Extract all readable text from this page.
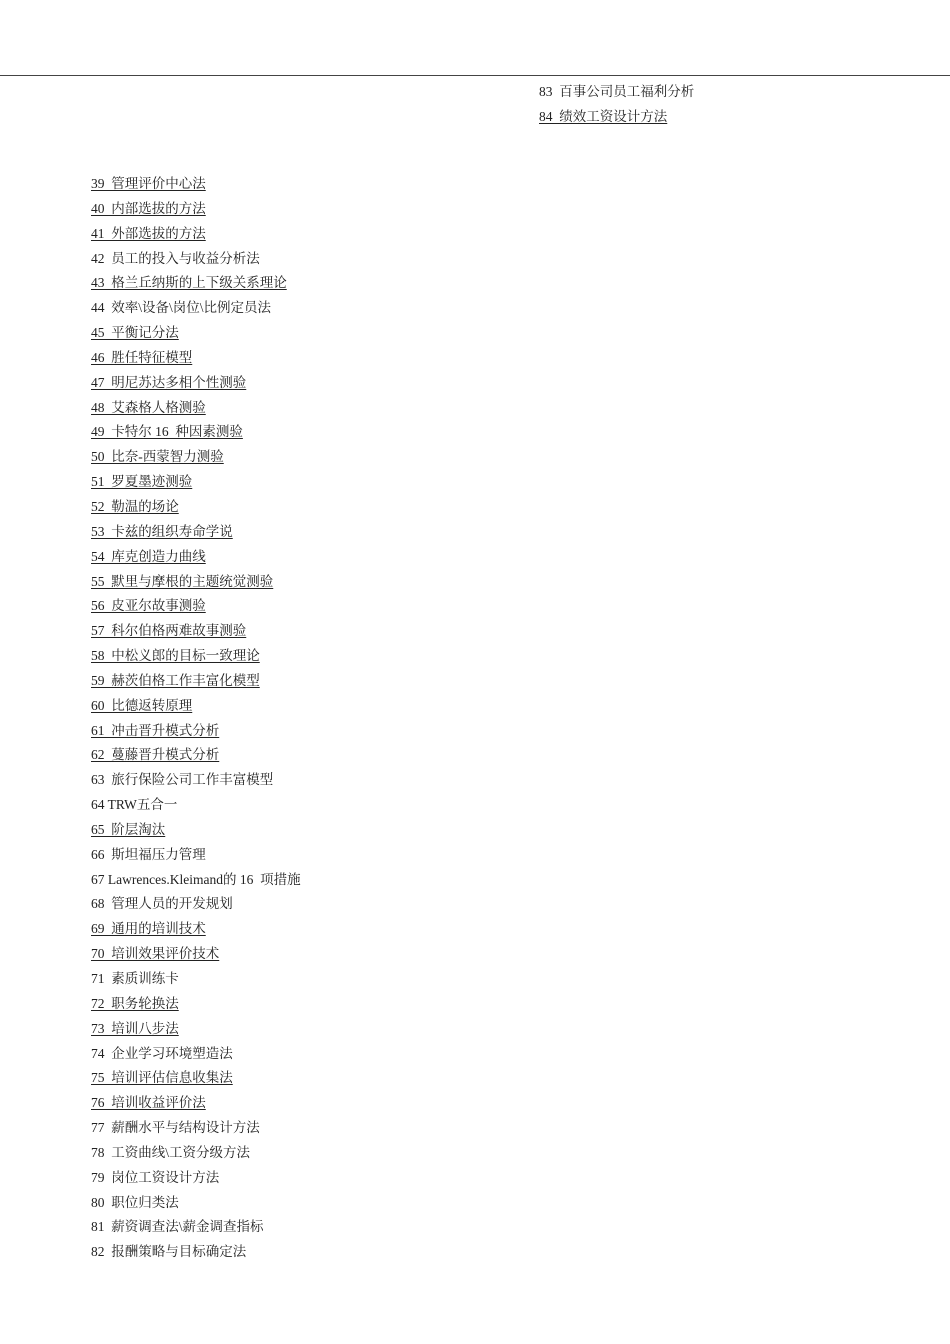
83  百事公司员工福利分析
84  绩效工资设计方法
39  管理评价中心法
40  内部选拔的方法
41  外部选拔的方法
42  员工的投入与收益分析法
43  格兰丘纳斯的上下级关系理论
44  效率\设备\岗位\比例定员法
45  平衡记分法
46  胜任特征模型
47  明尼苏达多相个性测验
48  艾森格人格测验
49  卡特尔 16  种因素测验
50  比奈-西蒙智力测验
51  罗夏墨迹测验
52  勒温的场论
53  卡兹的组织寿命学说
54  库克创造力曲线
55  默里与摩根的主题统觉测验
56  皮亚尔故事测验
57  科尔伯格两难故事测验
58  中松义郎的目标一致理论
59  赫茨伯格工作丰富化模型
60  比德返转原理
61  冲击晋升模式分析
62  蔓藤晋升模式分析
63  旅行保险公司工作丰富模型
64 TRW五合一
65  阶层淘汰
66  斯坦福压力管理
67 Lawrences.Kleimand的 16  项措施
68  管理人员的开发规划
69  通用的培训技术
70  培训效果评价技术
71  素质训练卡
72  职务轮换法
73  培训八步法
74  企业学习环境塑造法
75  培训评估信息收集法
76  培训收益评价法
77  薪酬水平与结构设计方法
78  工资曲线\工资分级方法
79  岗位工资设计方法
80  职位归类法
81  薪资调查法\薪金调查指标
82  报酬策略与目标确定法
